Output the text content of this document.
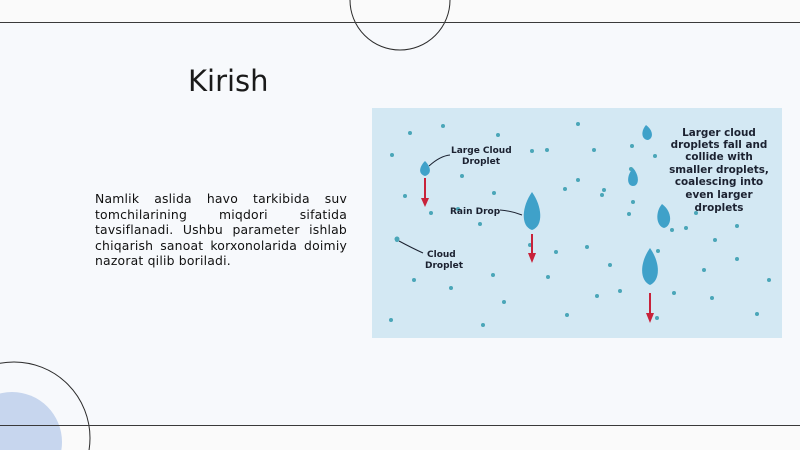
Kirish

Namlik aslida havo tarkibida suv tomchilarining miqdori sifatida tavsiflanadi. Ushbu parameter ishlab chiqarish sanoat korxonolarida doimiy nazorat qilib boriladi.

Large Cloud
Droplet
Rain Drop
Cloud
Droplet
Larger cloud
droplets fall and
collide with
smaller droplets,
coalescing into
even larger
droplets
